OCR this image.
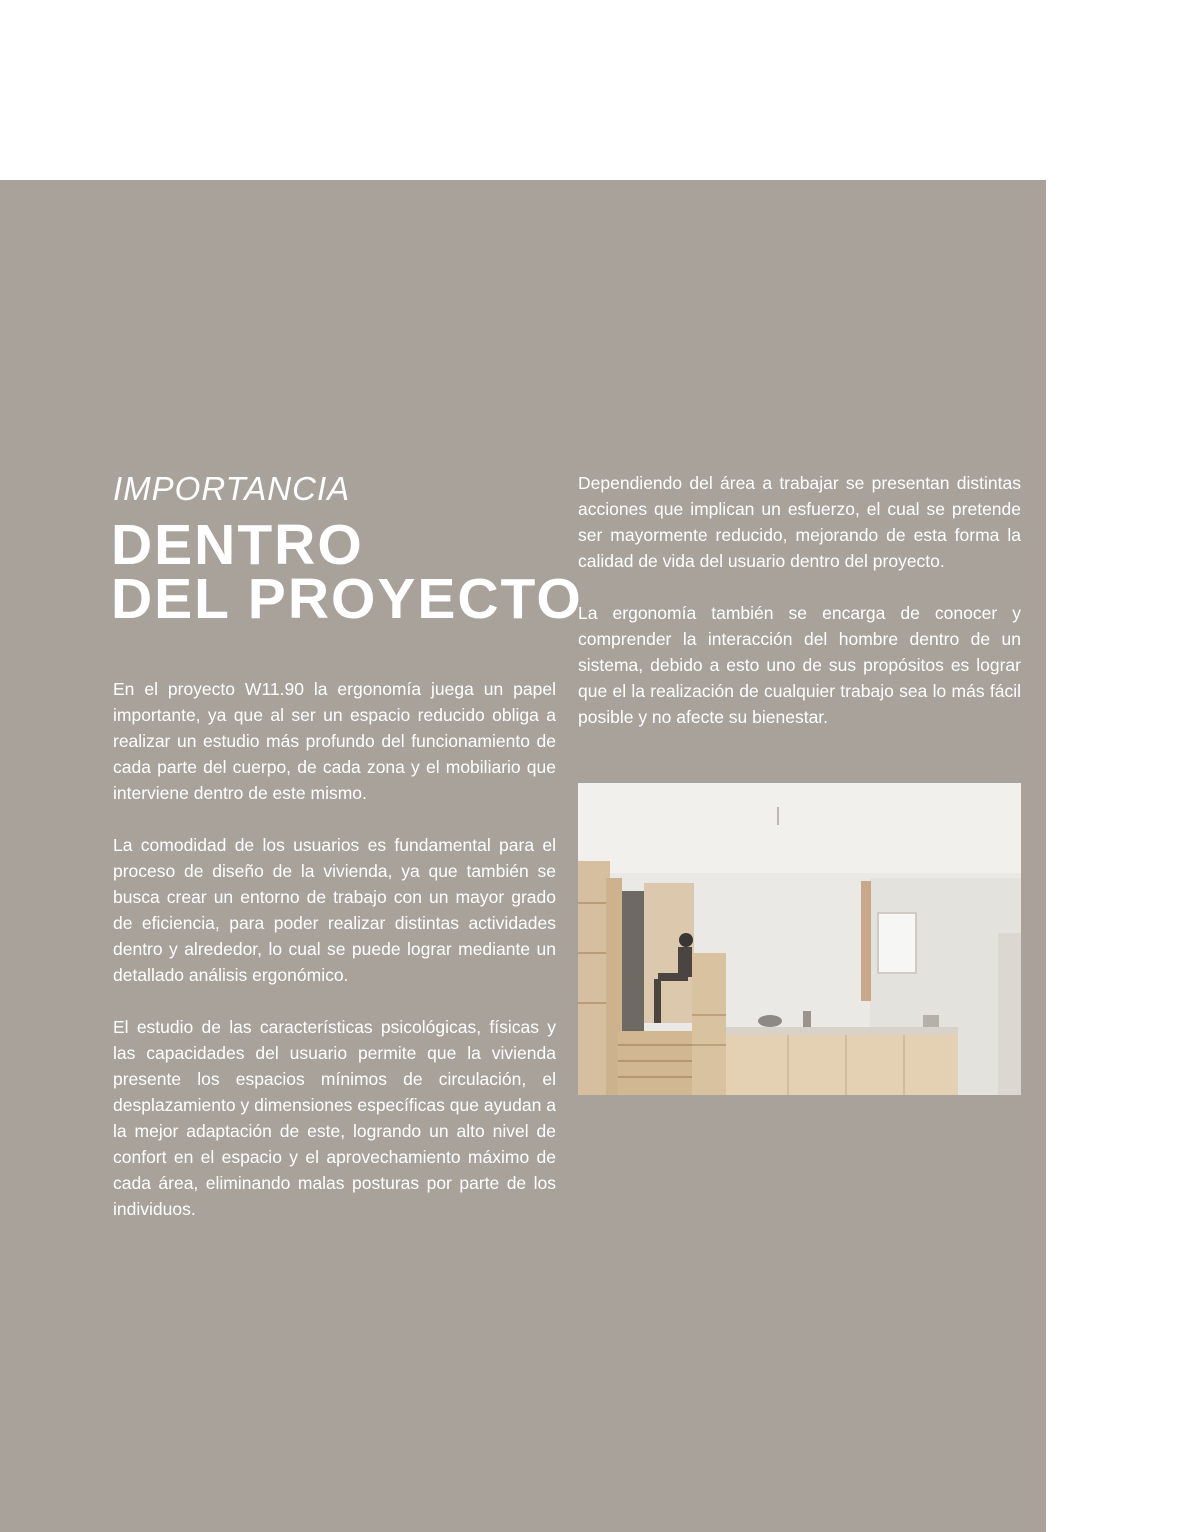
IMPORTANCIA
DENTRO
DEL PROYECTO

En el proyecto W11.90 la ergonomía juega un papel importante, ya que al ser un espacio reducido obliga a realizar un estudio más profundo del funcionamiento de cada parte del cuerpo, de cada zona y el mobiliario que interviene dentro de este mismo.

La comodidad de los usuarios es fundamental para el proceso de diseño de la vivienda, ya que también se busca crear un entorno de trabajo con un mayor grado de eficiencia, para poder realizar distintas actividades dentro y alrededor, lo cual se puede lograr mediante un detallado análisis ergonómico.

El estudio de las características psicológicas, físicas y las capacidades del usuario permite que la vivienda presente los espacios mínimos de circulación, el desplazamiento y dimensiones específicas que ayudan a la mejor adaptación de este, logrando un alto nivel de confort en el espacio y el aprovechamiento máximo de cada área, eliminando malas posturas por parte de los individuos.

Dependiendo del área a trabajar se presentan distintas acciones que implican un esfuerzo, el cual se pretende ser mayormente reducido, mejorando de esta forma la calidad de vida del usuario dentro del proyecto.

La ergonomía también se encarga de conocer y comprender la interacción del hombre dentro de un sistema, debido a esto uno de sus propósitos es lograr que el la realización de cualquier trabajo sea lo más fácil posible y no afecte su bienestar.
